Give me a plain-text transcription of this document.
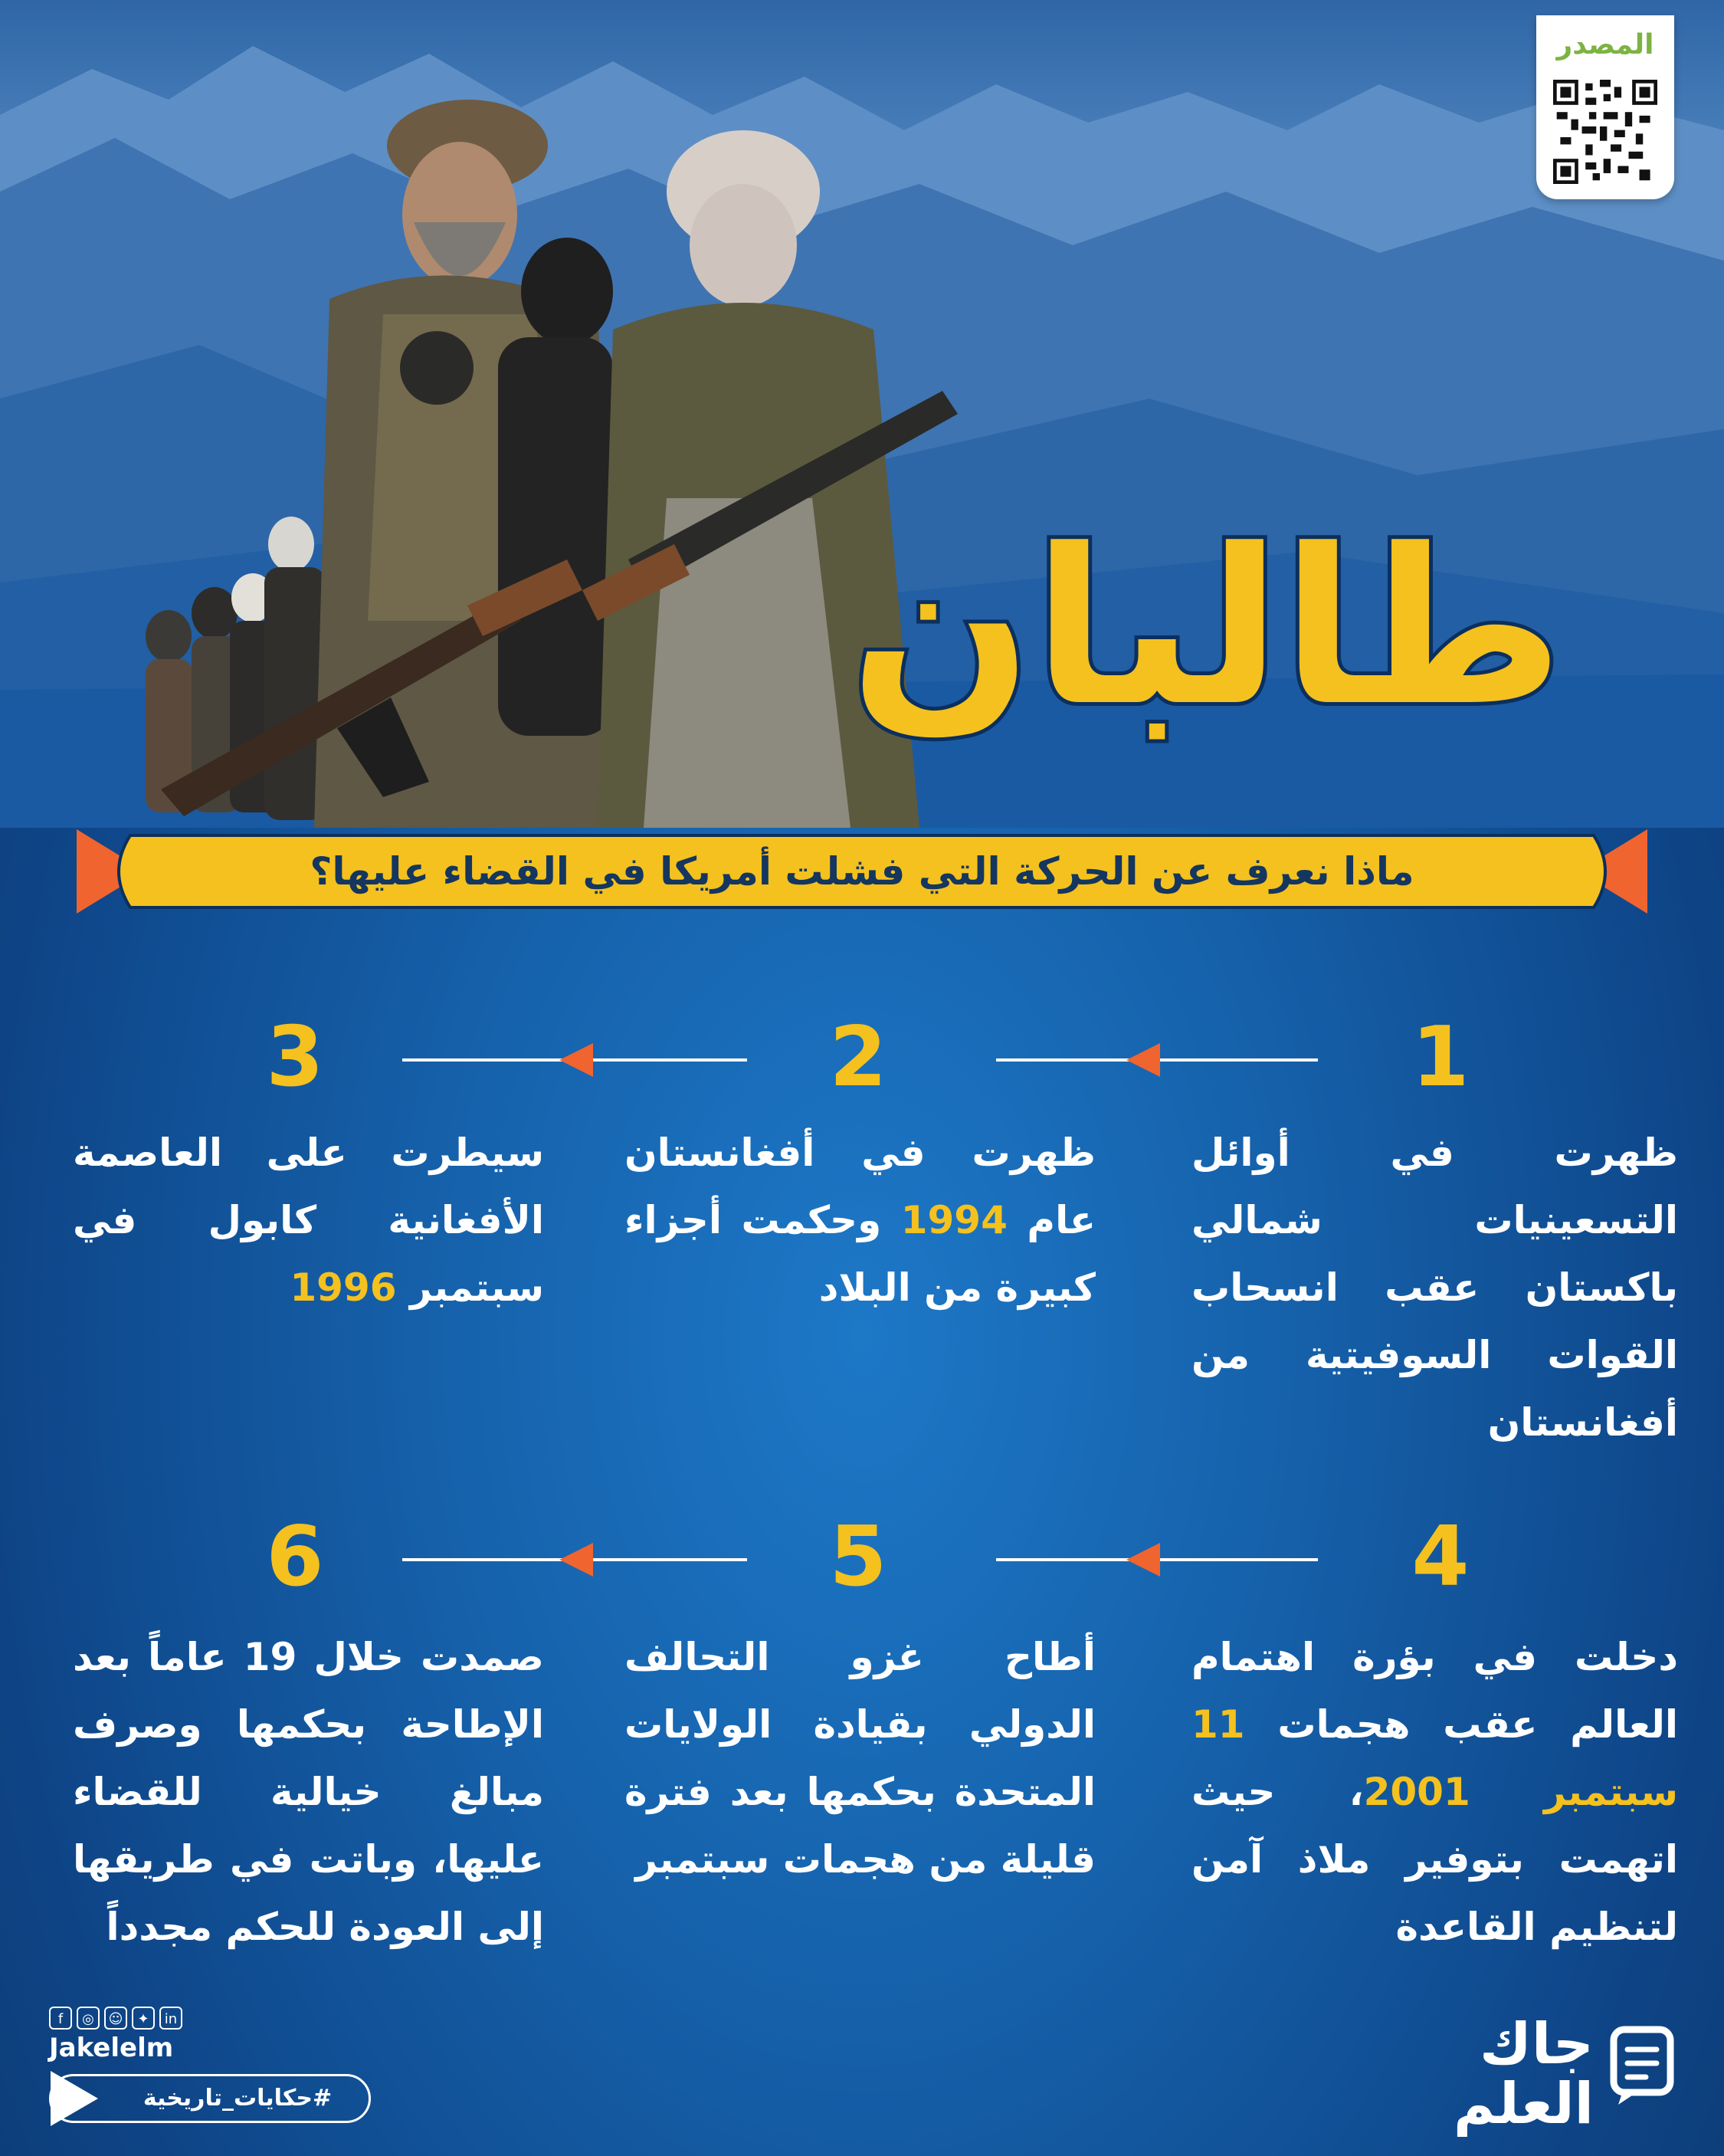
المصدر
طالبان
ماذا نعرف عن الحركة التي فشلت أمريكا في القضاء عليها؟
1
2
3
ظهرت في أوائل التسعينيات شمالي باكستان عقب انسحاب القوات السوفيتية من أفغانستان
ظهرت في أفغانستان عام 1994 وحكمت أجزاء كبيرة من البلاد
سيطرت على العاصمة الأفغانية كابول في سبتمبر 1996
4
5
6
دخلت في بؤرة اهتمام العالم عقب هجمات 11 سبتمبر 2001، حيث اتهمت بتوفير ملاذ آمن لتنظيم القاعدة
أطاح غزو التحالف الدولي بقيادة الولايات المتحدة بحكمها بعد فترة قليلة من هجمات سبتمبر
صمدت خلال 19 عاماً بعد الإطاحة بحكمها وصرف مبالغ خيالية للقضاء عليها، وباتت في طريقها إلى العودة للحكم مجدداً
f	◎	☺	✦	in
Jakelelm
#حكايات_تاريخية
جاك العلم
